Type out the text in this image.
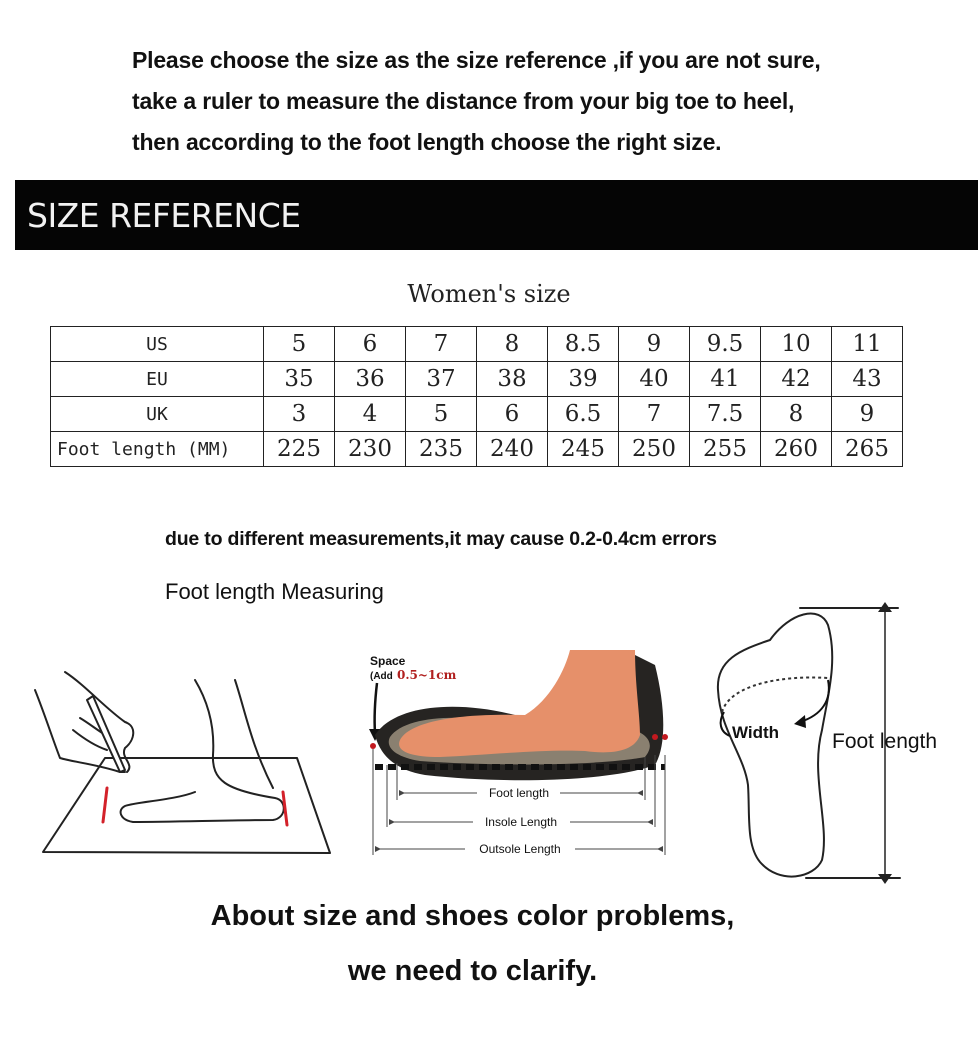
Please choose the size as the size reference ,if you are not sure,

take a ruler to measure the distance from your big toe to heel,

then according to the foot length choose the right size.

SIZE REFERENCE
Women's size
US	5	6	7	8	8.5	9	9.5	10	11
EU	35	36	37	38	39	40	41	42	43
UK	3	4	5	6	6.5	7	7.5	8	9
Foot length (MM)	225	230	235	240	245	250	255	260	265
due to different measurements,it may cause 0.2-0.4cm errors
Foot length Measuring
Space
(Add 0.5~1cm
Foot length
Insole Length
Outsole Length
Width	Foot length

About size and shoes color problems,

we need to clarify.
